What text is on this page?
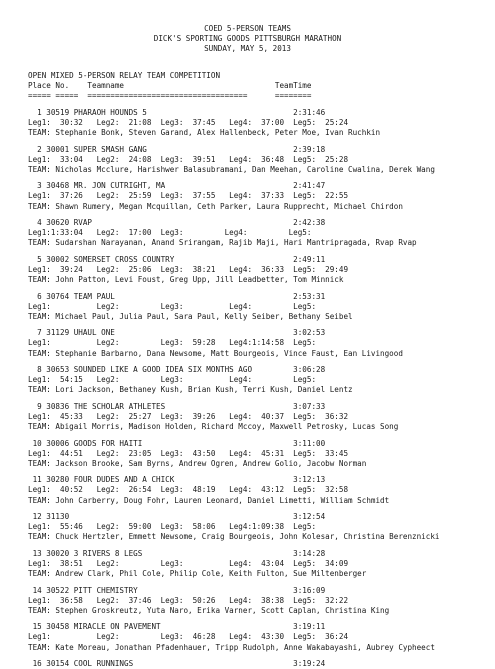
COED 5-PERSON TEAMS
DICK'S SPORTING GOODS PITTSBURGH MARATHON
SUNDAY, MAY 5, 2013
OPEN MIXED 5-PERSON RELAY TEAM COMPETITION
Place No.    Teamname                                 TeamTime
===== =====  ===================================      ========
1 30519 PHARAOH HOUNDS 5                                2:31:46
Leg1:  30:32   Leg2:  21:08  Leg3:  37:45   Leg4:  37:00  Leg5:  25:24
TEAM: Stephanie Bonk, Steven Garand, Alex Hallenbeck, Peter Moe, Ivan Ruchkin
2 30001 SUPER SMASH GANG                                2:39:18
Leg1:  33:04   Leg2:  24:08  Leg3:  39:51   Leg4:  36:48  Leg5:  25:28
TEAM: Nicholas Mcclure, Harishwer Balasubramani, Dan Meehan, Caroline Cwalina, Derek Wang
3 30468 MR. JON CUTRIGHT, MA                            2:41:47
Leg1:  37:26   Leg2:  25:59  Leg3:  37:55   Leg4:  37:33  Leg5:  22:55
TEAM: Shawn Rumery, Megan Mcquillan, Ceth Parker, Laura Rupprecht, Michael Chirdon
4 30620 RVAP                                            2:42:38
Leg1:1:33:04   Leg2:  17:00  Leg3:         Leg4:         Leg5:
TEAM: Sudarshan Narayanan, Anand Srirangam, Rajib Maji, Hari Mantripragada, Rvap Rvap
5 30002 SOMERSET CROSS COUNTRY                          2:49:11
Leg1:  39:24   Leg2:  25:06  Leg3:  38:21   Leg4:  36:33  Leg5:  29:49
TEAM: John Patton, Levi Foust, Greg Upp, Jill Leadbetter, Tom Minnick
6 30764 TEAM PAUL                                       2:53:31
Leg1:          Leg2:         Leg3:          Leg4:         Leg5:
TEAM: Michael Paul, Julia Paul, Sara Paul, Kelly Seiber, Bethany Seibel
7 31129 UHAUL ONE                                       3:02:53
Leg1:          Leg2:         Leg3:  59:28   Leg4:1:14:58  Leg5:
TEAM: Stephanie Barbarno, Dana Newsome, Matt Bourgeois, Vince Faust, Ean Livingood
8 30653 SOUNDED LIKE A GOOD IDEA SIX MONTHS AGO         3:06:28
Leg1:  54:15   Leg2:         Leg3:          Leg4:         Leg5:
TEAM: Lori Jackson, Bethaney Kush, Brian Kush, Terri Kush, Daniel Lentz
9 30836 THE SCHOLAR ATHLETES                            3:07:33
Leg1:  45:33   Leg2:  25:27  Leg3:  39:26   Leg4:  40:37  Leg5:  36:32
TEAM: Abigail Morris, Madison Holden, Richard Mccoy, Maxwell Petrosky, Lucas Song
10 30006 GOODS FOR HAITI                                 3:11:00
Leg1:  44:51   Leg2:  23:05  Leg3:  43:50   Leg4:  45:31  Leg5:  33:45
TEAM: Jackson Brooke, Sam Byrns, Andrew Ogren, Andrew Golio, Jacobw Norman
11 30280 FOUR DUDES AND A CHICK                          3:12:13
Leg1:  40:52   Leg2:  26:54  Leg3:  48:19   Leg4:  43:12  Leg5:  32:58
TEAM: John Carberry, Doug Fohr, Lauren Leonard, Daniel Limetti, William Schmidt
12 31130                                                 3:12:54
Leg1:  55:46   Leg2:  59:00  Leg3:  58:06   Leg4:1:09:38  Leg5:
TEAM: Chuck Hertzler, Emmett Newsome, Craig Bourgeois, John Kolesar, Christina Berenznicki
13 30020 3 RIVERS 8 LEGS                                 3:14:28
Leg1:  38:51   Leg2:         Leg3:          Leg4:  43:04  Leg5:  34:09
TEAM: Andrew Clark, Phil Cole, Philip Cole, Keith Fulton, Sue Miltenberger
14 30522 PITT CHEMISTRY                                  3:16:09
Leg1:  36:58   Leg2:  37:46  Leg3:  50:26   Leg4:  38:38  Leg5:  32:22
TEAM: Stephen Groskreutz, Yuta Naro, Erika Varner, Scott Caplan, Christina King
15 30458 MIRACLE ON PAVEMENT                             3:19:11
Leg1:          Leg2:         Leg3:  46:28   Leg4:  43:30  Leg5:  36:24
TEAM: Kate Moreau, Jonathan Pfadenhauer, Tripp Rudolph, Anne Wakabayashi, Aubrey Cypheect
16 30154 COOL RUNNINGS                                   3:19:24
